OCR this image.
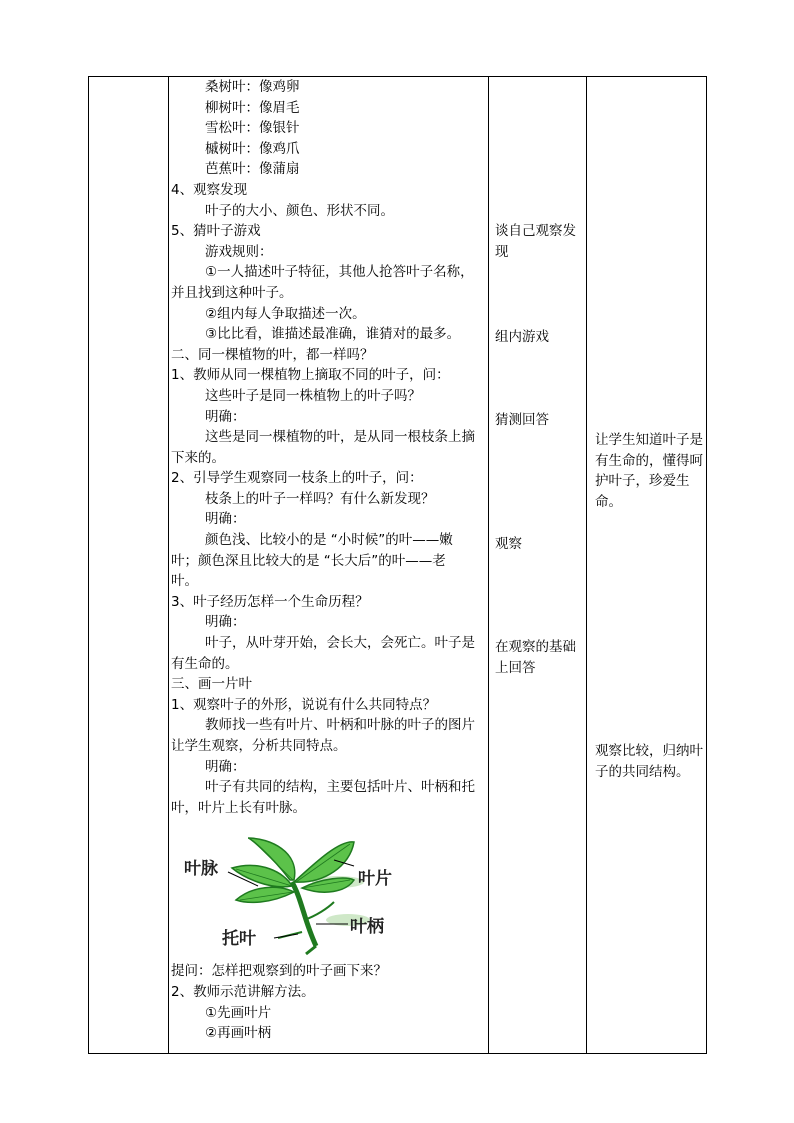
桑树叶：像鸡卵

柳树叶：像眉毛

雪松叶：像银针

槭树叶：像鸡爪

芭蕉叶：像蒲扇

4、观察发现

叶子的大小、颜色、形状不同。

5、猜叶子游戏

游戏规则：

①一人描述叶子特征，其他人抢答叶子名称，

并且找到这种叶子。

②组内每人争取描述一次。

③比比看，谁描述最准确，谁猜对的最多。

二、同一棵植物的叶，都一样吗？

1、教师从同一棵植物上摘取不同的叶子，问：

这些叶子是同一株植物上的叶子吗？

明确：

这些是同一棵植物的叶，是从同一根枝条上摘

下来的。

2、引导学生观察同一枝条上的叶子，问：

枝条上的叶子一样吗？有什么新发现？

明确：

颜色浅、比较小的是 “小时候”的叶——嫩

叶；颜色深且比较大的是 “长大后”的叶——老

叶。

3、叶子经历怎样一个生命历程？

明确：

叶子，从叶芽开始，会长大，会死亡。叶子是

有生命的。

三、画一片叶

1、观察叶子的外形，说说有什么共同特点？

教师找一些有叶片、叶柄和叶脉的叶子的图片

让学生观察，分析共同特点。

明确：

叶子有共同的结构，主要包括叶片、叶柄和托

叶，叶片上长有叶脉。

提问：怎样把观察到的叶子画下来？

2、教师示范讲解方法。

①先画叶片

②再画叶柄

谈自己观察发现

组内游戏

猜测回答

观察

在观察的基础上回答

让学生知道叶子是有生命的，懂得呵护叶子，珍爱生命。

观察比较，归纳叶子的共同结构。

叶脉	叶片
叶柄
托叶
